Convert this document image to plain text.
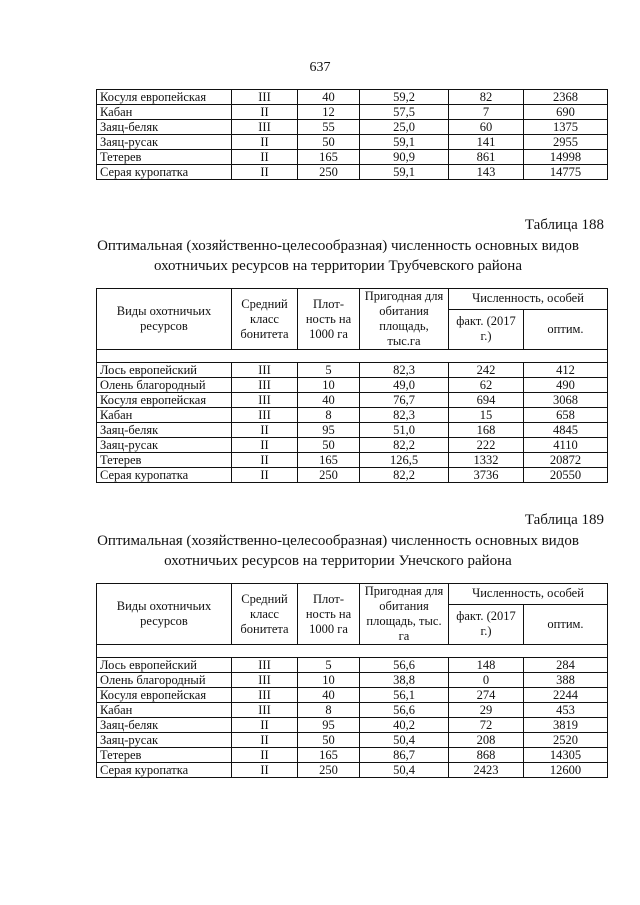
637
Косуля европейская	III	40	59,2	82	2368
Кабан	II	12	57,5	7	690
Заяц-беляк	III	55	25,0	60	1375
Заяц-русак	II	50	59,1	141	2955
Тетерев	II	165	90,9	861	14998
Серая куропатка	II	250	59,1	143	14775
Таблица 188
Оптимальная (хозяйственно-целесообразная) численность основных видов охотничьих ресурсов на территории Трубчевского района
Виды охотничьих ресурсов	Средний класс бонитета	Плот-ность на 1000 га	Пригодная для обитания площадь, тыс.га	Численность, особей	
				факт. (2017 г.)	оптим.

Лось европейский	III	5	82,3	242	412
Олень благородный	III	10	49,0	62	490
Косуля европейская	III	40	76,7	694	3068
Кабан	III	8	82,3	15	658
Заяц-беляк	II	95	51,0	168	4845
Заяц-русак	II	50	82,2	222	4110
Тетерев	II	165	126,5	1332	20872
Серая куропатка	II	250	82,2	3736	20550
Таблица 189
Оптимальная (хозяйственно-целесообразная) численность основных видов охотничьих ресурсов на территории Унечского района
Виды охотничьих ресурсов	Средний класс бонитета	Плот-ность на 1000 га	Пригодная для обитания площадь, тыс. га	Численность, особей	
				факт. (2017 г.)	оптим.

Лось европейский	III	5	56,6	148	284
Олень благородный	III	10	38,8	0	388
Косуля европейская	III	40	56,1	274	2244
Кабан	III	8	56,6	29	453
Заяц-беляк	II	95	40,2	72	3819
Заяц-русак	II	50	50,4	208	2520
Тетерев	II	165	86,7	868	14305
Серая куропатка	II	250	50,4	2423	12600
